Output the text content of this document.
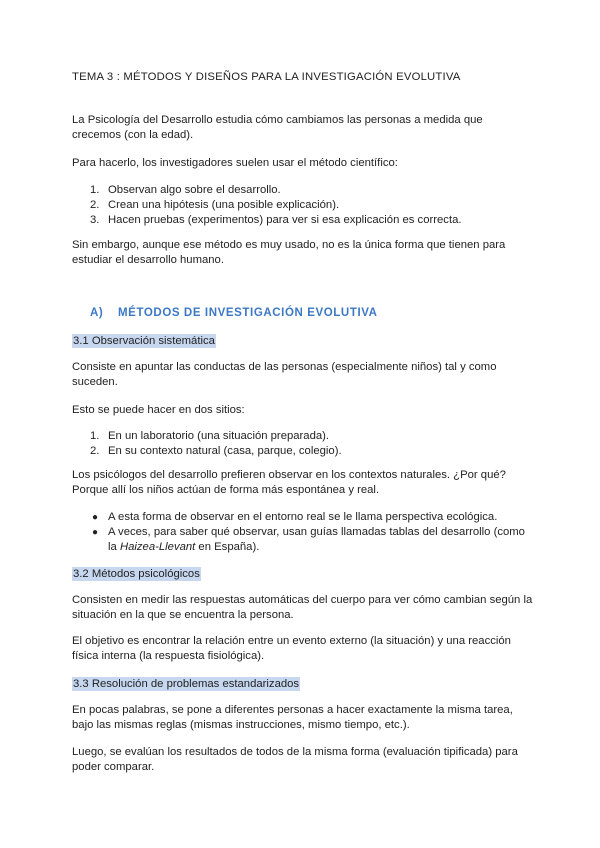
TEMA 3 : MÉTODOS Y DISEÑOS PARA LA INVESTIGACIÓN EVOLUTIVA

La Psicología del Desarrollo estudia cómo cambiamos las personas a medida que crecemos (con la edad).

Para hacerlo, los investigadores suelen usar el método científico:

1. Observan algo sobre el desarrollo.
2. Crean una hipótesis (una posible explicación).
3. Hacen pruebas (experimentos) para ver si esa explicación es correcta.

Sin embargo, aunque ese método es muy usado, no es la única forma que tienen para estudiar el desarrollo humano.

A) MÉTODOS DE INVESTIGACIÓN EVOLUTIVA

3.1 Observación sistemática

Consiste en apuntar las conductas de las personas (especialmente niños) tal y como suceden.

Esto se puede hacer en dos sitios:

1. En un laboratorio (una situación preparada).
2. En su contexto natural (casa, parque, colegio).

Los psicólogos del desarrollo prefieren observar en los contextos naturales. ¿Por qué? Porque allí los niños actúan de forma más espontánea y real.

● A esta forma de observar en el entorno real se le llama perspectiva ecológica.
● A veces, para saber qué observar, usan guías llamadas tablas del desarrollo (como la Haizea-Llevant en España).

3.2 Métodos psicológicos

Consisten en medir las respuestas automáticas del cuerpo para ver cómo cambian según la situación en la que se encuentra la persona.

El objetivo es encontrar la relación entre un evento externo (la situación) y una reacción física interna (la respuesta fisiológica).

3.3 Resolución de problemas estandarizados

En pocas palabras, se pone a diferentes personas a hacer exactamente la misma tarea, bajo las mismas reglas (mismas instrucciones, mismo tiempo, etc.).

Luego, se evalúan los resultados de todos de la misma forma (evaluación tipificada) para poder comparar.
